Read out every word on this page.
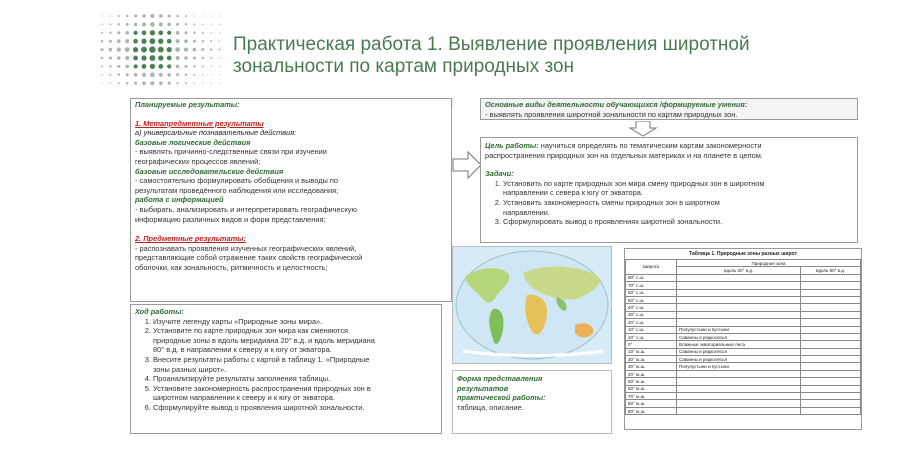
Практическая работа 1. Выявление проявления широтной
зональности по картам природных зон
Планируемые результаты:
1. Метапредметные результаты
а) универсальные познавательные действия:
базовые логические действия
- выявлять причинно-следственные связи при изучении
географических процессов явлений;
базовые исследовательские действия
- самостоятельно формулировать обобщения и выводы по
результатам проведённого наблюдения или исследования;
работа с информацией
- выбирать, анализировать и интерпретировать географическую
информацию различных видов и форм представления;
2. Предметные результаты:
- распознавать проявления изученных географических явлений,
представляющие собой отражение таких свойств географической
оболочки, как зональность, ритмичность и целостность;
Ход работы:
1. Изучите легенду карты «Природные зоны мира».
2. Установите по карте природных зон мира как сменяются
природные зоны в вдоль меридиана 20° в.д. и вдоль меридиана
80° в.д. в направлении к северу и к югу от экватора.
3. Внесите результаты работы с картой в таблицу 1. «Природные
зоны разных широт».
4. Проанализируйте результаты заполнения таблицы.
5. Установите закономерность распространения природных зон в
широтном направлении к северу и к югу от экватора.
6. Сформулируйте вывод о проявления широтной зональности.
Основные виды деятельности обучающихся /формируемые умения:
- выявлять проявления широтной зональности по картам природных зон.
Цель работы: научиться определять по тематическим картам закономерности
распространения природных зон на отдельных материках и на планете в целом.
Задачи:
1. Установить по карте природных зон мира смену природных зон в широтном
направлении с севера к югу от экватора.
2. Установить закономерность смены природных зон в широтном
направлении.
3. Сформулировать вывод о проявлениях широтной зональности.
Форма представления
результатов
практической работы:
таблица, описание.
Таблица 1. Природные зоны разных широт
Широта	Природная зона	
	вдоль 20° в.д.	вдоль 80° в.д.
80° с.ш.		
70° с.ш.		
60° с.ш.		
50° с.ш.		
40° с.ш.		
30° с.ш.		
20° с.ш.		
10° с.ш.	Полупустыни и пустыни	
10° с.ш.	Саванны и редколесья	
0°	Влажные экваториальные леса	
10° ю.ш.	Саванны и редколесья	
20° ю.ш.	Саванны и редколесья	
30° ю.ш.	Полупустыни и пустыни	
40° ю.ш.		
50° ю.ш.		
60° ю.ш.		
70° ю.ш.		
80° ю.ш.		
80° ю.ш.		
